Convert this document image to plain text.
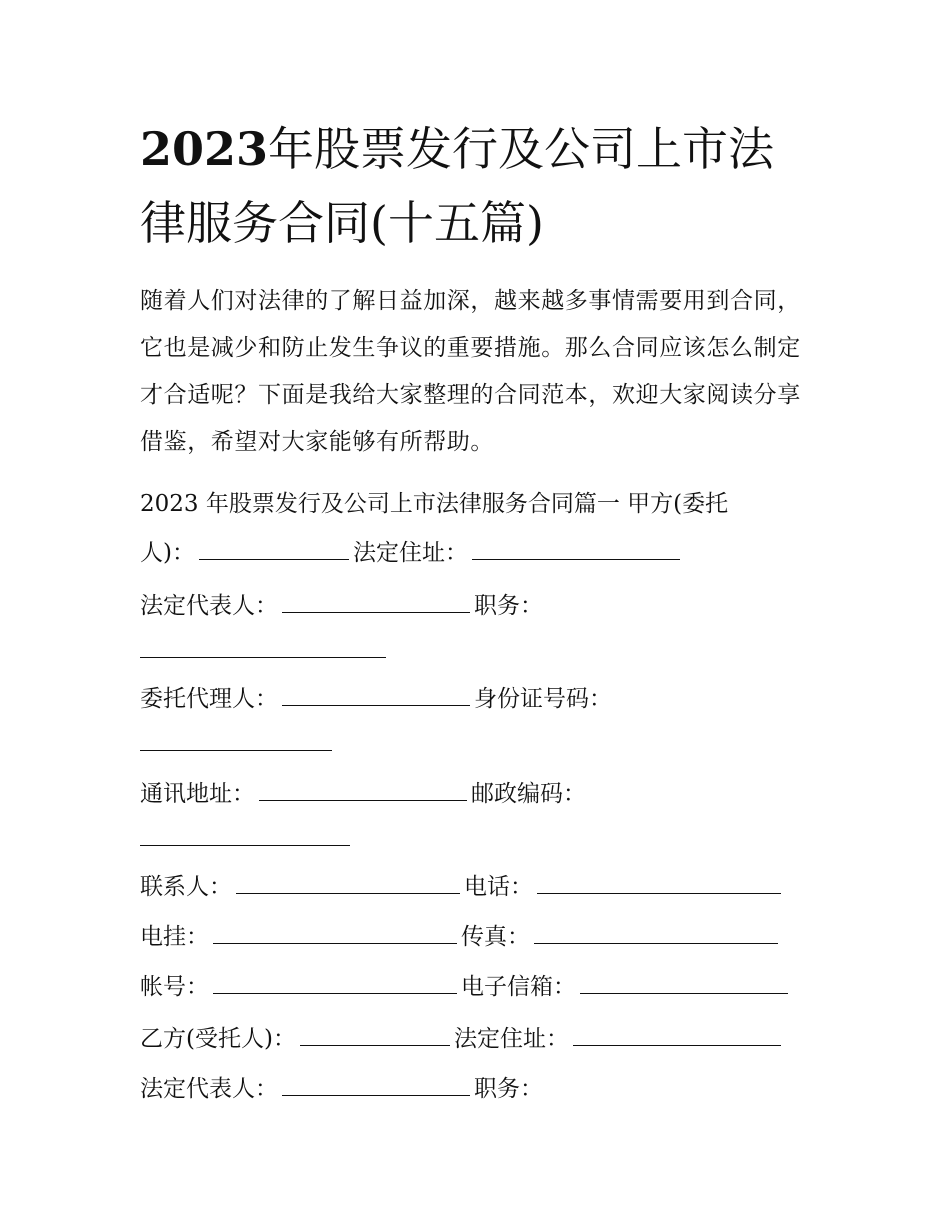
2023年股票发行及公司上市法
律服务合同(十五篇)

随着人们对法律的了解日益加深，越来越多事情需要用到合同，它也是减少和防止发生争议的重要措施。那么合同应该怎么制定才合适呢？下面是我给大家整理的合同范本，欢迎大家阅读分享借鉴，希望对大家能够有所帮助。

2023 年股票发行及公司上市法律服务合同篇一 甲方(委托

人)：	法定住址：

法定代表人：	职务：

委托代理人：	身份证号码：

通讯地址：	邮政编码：

联系人：	电话：

电挂：	传真：

帐号：	电子信箱：

乙方(受托人)：	法定住址：

法定代表人：	职务：
